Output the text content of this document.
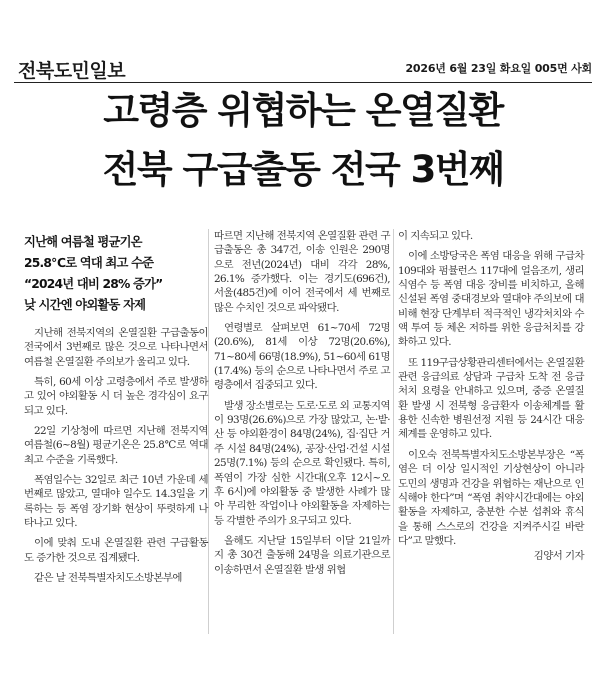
전북도민일보	2026년 6월 23일 화요일 005면 사회
고령층 위협하는 온열질환
전북 구급출동 전국 3번째
지난해 여름철 평균기온
25.8℃로 역대 최고 수준
“2024년 대비 28% 증가”
낮 시간엔 야외활동 자제

지난해 전북지역의 온열질환 구급출동이 전국에서 3번째로 많은 것으로 나타나면서 여름철 온열질환 주의보가 울리고 있다.

특히, 60세 이상 고령층에서 주로 발생하고 있어 야외활동 시 더 높은 경각심이 요구되고 있다.

22일 기상청에 따르면 지난해 전북지역 여름철(6~8월) 평균기온은 25.8℃로 역대 최고 수준을 기록했다.

폭염일수는 32일로 최근 10년 가운데 세 번째로 많았고, 열대야 일수도 14.3일을 기록하는 등 폭염 장기화 현상이 뚜렷하게 나타나고 있다.

이에 맞춰 도내 온열질환 관련 구급활동도 증가한 것으로 집계됐다.

같은 날 전북특별자치도소방본부에

따르면 지난해 전북지역 온열질환 관련 구급출동은 총 347건, 이송 인원은 290명으로 전년(2024년) 대비 각각 28%, 26.1% 증가했다. 이는 경기도(696건), 서울(485건)에 이어 전국에서 세 번째로 많은 수치인 것으로 파악됐다.

연령별로 살펴보면 61~70세 72명(20.6%), 81세 이상 72명(20.6%), 71~80세 66명(18.9%), 51~60세 61명(17.4%) 등의 순으로 나타나면서 주로 고령층에서 집중되고 있다.

발생 장소별로는 도로·도로 외 교통지역이 93명(26.6%)으로 가장 많았고, 논·밭·산 등 야외환경이 84명(24%), 집·집단 거주 시설 84명(24%), 공장·산업·건설 시설 25명(7.1%) 등의 순으로 확인됐다. 특히, 폭염이 가장 심한 시간대(오후 12시~오후 6시)에 야외활동 중 발생한 사례가 많아 무리한 작업이나 야외활동을 자제하는 등 각별한 주의가 요구되고 있다.

올해도 지난달 15일부터 이달 21일까지 총 30건 출동해 24명을 의료기관으로 이송하면서 온열질환 발생 위협

이 지속되고 있다.

이에 소방당국은 폭염 대응을 위해 구급차 109대와 펌뷸런스 117대에 얼음조끼, 생리식염수 등 폭염 대응 장비를 비치하고, 올해 신설된 폭염 중대경보와 열대야 주의보에 대비해 현장 단계부터 적극적인 냉각처치와 수액 투여 등 체온 저하를 위한 응급처치를 강화하고 있다.

또 119구급상황관리센터에서는 온열질환 관련 응급의료 상담과 구급차 도착 전 응급처치 요령을 안내하고 있으며, 중증 온열질환 발생 시 전북형 응급환자 이송체계를 활용한 신속한 병원선정 지원 등 24시간 대응체계를 운영하고 있다.

이오숙 전북특별자치도소방본부장은 “폭염은 더 이상 일시적인 기상현상이 아니라 도민의 생명과 건강을 위협하는 재난으로 인식해야 한다”며 “폭염 취약시간대에는 야외활동을 자제하고, 충분한 수분 섭취와 휴식을 통해 스스로의 건강을 지켜주시길 바란다”고 말했다.

김양서 기자
